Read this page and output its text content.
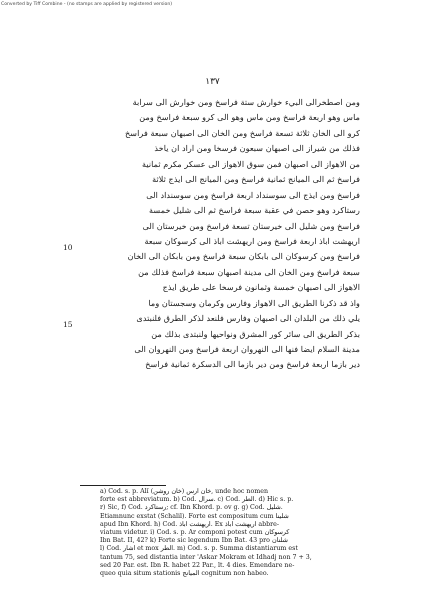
Converted by Tiff Combine - (no stamps are applied by registered version)
١٣٧
ومن اصطخرالى البيء خوارش ستة فراسخ ومن خوارش الى سرابة
ماس وهو اربعة فراسخ ومن ماس وهو الى كرو سبعة فراسخ ومن
كرو الى الخان ثلاثة تسعة فراسخ ومن الخان الى اصبهان سبعة فراسخ
فذلك من شيراز الى اصبهان سبعون فرسخا ومن اراد ان ياخذ
من الاهواز الى اصبهان فمن سوق الاهواز الى عسكر مكرم ثمانية
فراسخ ثم الى الميانج ثمانية فراسخ ومن الميانج الى ايذج ثلاثة
فراسخ ومن ايذج الى سوسنداد اربعة فراسخ ومن سوسنداد الى
رستاكرد وهو حصن في عقبة سبعة فراسخ ثم الى شليل خمسة
فراسخ ومن شليل الى خيرستان تسعة فراسخ ومن خيرستان الى
اريهشت اباذ اربعة فراسخ ومن اريهشت اباذ الى كرسوكان سبعة
فراسخ ومن كرسوكان الى بابكان سبعة فراسخ ومن بابكان الى الخان
سبعة فراسخ ومن الخان الى مدينة اصبهان سبعة فراسخ فذلك من
الاهواز الى اصبهان خمسة وثمانون فرسخا على طريق ايذج
واذ قد ذكرنا الطريق الى الاهواز وفارس وكرمان وسجستان وما
يلي ذلك من البلدان الى اصبهان وفارس فلنعد لذكر الطرق فلنبتدى
بذكر الطريق الى سائر كور المشرق ونواحيها ولنبتدى بذلك من
مدينة السلام ايضا فنها الى النهروان اربعة فراسخ ومن النهروان الى
دير بازما اربعة فراسخ ومن دير بازما الى الدسكرة ثمانية فراسخ
10
15
a) Cod. s. p. Alî (خان روشن) خان ارس, unde hoc nomen
forte est abbreviatum. b) Cod. سرال. c) Cod. الطر. d) Hic s. p.
r) Sic, f) Cod. رستاكرد; cf. Ibn Khord. p. ov g. g) Cod. شليل.
Etiamnunc exstat (Schalil). Forte est compositum cum شلينا
apud Ibn Khord. h) Cod. اريهشت اباذ. Ex اريهشت اباذ abbre-
viatum videtur. i) Cod. s. p. Ar componi potest cum كرسوكان
Ibn Bat. II, 42? k) Forte sic legendum Ibn Bat. 43 pro شلنان
l) Cod. اشار et mox الطر. m) Cod. s. p. Summa distantiarum est
tantum 75, sed distantia inter 'Askar Mokram et Idhadj non 7 + 3,
sed 20 Par. est. Ibn R. habet 22 Par., lt. 4 dies. Emendare ne-
queo quia situm stationis الميانج cognitum non habeo.
